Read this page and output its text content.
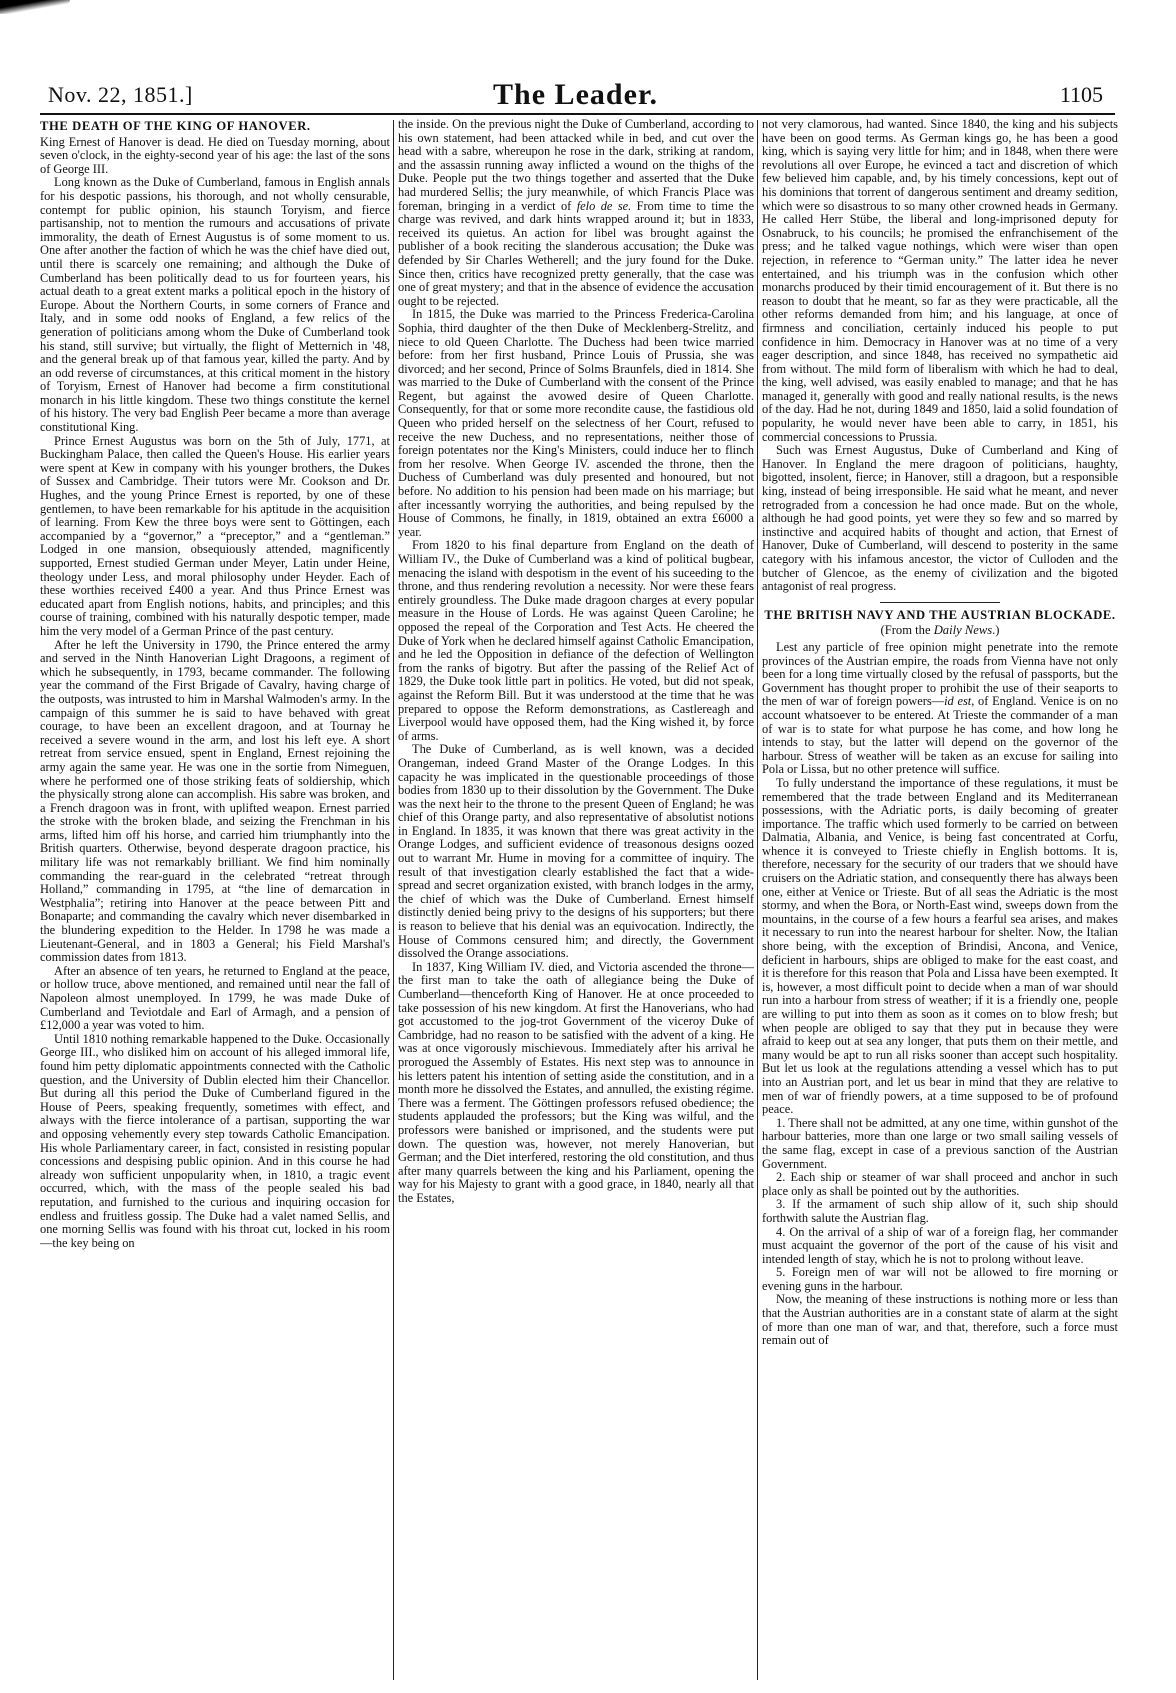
Nov. 22, 1851.]	The Leader.	1105
THE DEATH OF THE KING OF HANOVER.

King Ernest of Hanover is dead. He died on Tuesday morning, about seven o'clock, in the eighty-second year of his age: the last of the sons of George III.

Long known as the Duke of Cumberland, famous in English annals for his despotic passions, his thorough, and not wholly censurable, contempt for public opinion, his staunch Toryism, and fierce partisanship, not to mention the rumours and accusations of private immorality, the death of Ernest Augustus is of some moment to us. One after another the faction of which he was the chief have died out, until there is scarcely one remaining; and although the Duke of Cumberland has been politically dead to us for fourteen years, his actual death to a great extent marks a political epoch in the history of Europe. About the Northern Courts, in some corners of France and Italy, and in some odd nooks of England, a few relics of the generation of politicians among whom the Duke of Cumberland took his stand, still survive; but virtually, the flight of Metternich in '48, and the general break up of that famous year, killed the party. And by an odd reverse of circumstances, at this critical moment in the history of Toryism, Ernest of Hanover had become a firm constitutional monarch in his little kingdom. These two things constitute the kernel of his history. The very bad English Peer became a more than average constitutional King.

Prince Ernest Augustus was born on the 5th of July, 1771, at Buckingham Palace, then called the Queen's House. His earlier years were spent at Kew in company with his younger brothers, the Dukes of Sussex and Cambridge. Their tutors were Mr. Cookson and Dr. Hughes, and the young Prince Ernest is reported, by one of these gentlemen, to have been remarkable for his aptitude in the acquisition of learning. From Kew the three boys were sent to Göttingen, each accompanied by a “governor,” a “preceptor,” and a “gentleman.” Lodged in one mansion, obsequiously attended, magnificently supported, Ernest studied German under Meyer, Latin under Heine, theology under Less, and moral philosophy under Heyder. Each of these worthies received £400 a year. And thus Prince Ernest was educated apart from English notions, habits, and principles; and this course of training, combined with his naturally despotic temper, made him the very model of a German Prince of the past century.

After he left the University in 1790, the Prince entered the army and served in the Ninth Hanoverian Light Dragoons, a regiment of which he subsequently, in 1793, became commander. The following year the command of the First Brigade of Cavalry, having charge of the outposts, was intrusted to him in Marshal Walmoden's army. In the campaign of this summer he is said to have behaved with great courage, to have been an excellent dragoon, and at Tournay he received a severe wound in the arm, and lost his left eye. A short retreat from service ensued, spent in England, Ernest rejoining the army again the same year. He was one in the sortie from Nimeguen, where he performed one of those striking feats of soldiership, which the physically strong alone can accomplish. His sabre was broken, and a French dragoon was in front, with uplifted weapon. Ernest parried the stroke with the broken blade, and seizing the Frenchman in his arms, lifted him off his horse, and carried him triumphantly into the British quarters. Otherwise, beyond desperate dragoon practice, his military life was not remarkably brilliant. We find him nominally commanding the rear-guard in the celebrated “retreat through Holland,” commanding in 1795, at “the line of demarcation in Westphalia”; retiring into Hanover at the peace between Pitt and Bonaparte; and commanding the cavalry which never disembarked in the blundering expedition to the Helder. In 1798 he was made a Lieutenant-General, and in 1803 a General; his Field Marshal's commission dates from 1813.

After an absence of ten years, he returned to England at the peace, or hollow truce, above mentioned, and remained until near the fall of Napoleon almost unemployed. In 1799, he was made Duke of Cumberland and Teviotdale and Earl of Armagh, and a pension of £12,000 a year was voted to him.

Until 1810 nothing remarkable happened to the Duke. Occasionally George III., who disliked him on account of his alleged immoral life, found him petty diplomatic appointments connected with the Catholic question, and the University of Dublin elected him their Chancellor. But during all this period the Duke of Cumberland figured in the House of Peers, speaking frequently, sometimes with effect, and always with the fierce intolerance of a partisan, supporting the war and opposing vehemently every step towards Catholic Emancipation. His whole Parliamentary career, in fact, consisted in resisting popular concessions and despising public opinion. And in this course he had already won sufficient unpopularity when, in 1810, a tragic event occurred, which, with the mass of the people sealed his bad reputation, and furnished to the curious and inquiring occasion for endless and fruitless gossip. The Duke had a valet named Sellis, and one morning Sellis was found with his throat cut, locked in his room—the key being on

the inside. On the previous night the Duke of Cumberland, according to his own statement, had been attacked while in bed, and cut over the head with a sabre, whereupon he rose in the dark, striking at random, and the assassin running away inflicted a wound on the thighs of the Duke. People put the two things together and asserted that the Duke had murdered Sellis; the jury meanwhile, of which Francis Place was foreman, bringing in a verdict of felo de se. From time to time the charge was revived, and dark hints wrapped around it; but in 1833, received its quietus. An action for libel was brought against the publisher of a book reciting the slanderous accusation; the Duke was defended by Sir Charles Wetherell; and the jury found for the Duke. Since then, critics have recognized pretty generally, that the case was one of great mystery; and that in the absence of evidence the accusation ought to be rejected.

In 1815, the Duke was married to the Princess Frederica-Carolina Sophia, third daughter of the then Duke of Mecklenberg-Strelitz, and niece to old Queen Charlotte. The Duchess had been twice married before: from her first husband, Prince Louis of Prussia, she was divorced; and her second, Prince of Solms Braunfels, died in 1814. She was married to the Duke of Cumberland with the consent of the Prince Regent, but against the avowed desire of Queen Charlotte. Consequently, for that or some more recondite cause, the fastidious old Queen who prided herself on the selectness of her Court, refused to receive the new Duchess, and no representations, neither those of foreign potentates nor the King's Ministers, could induce her to flinch from her resolve. When George IV. ascended the throne, then the Duchess of Cumberland was duly presented and honoured, but not before. No addition to his pension had been made on his marriage; but after incessantly worrying the authorities, and being repulsed by the House of Commons, he finally, in 1819, obtained an extra £6000 a year.

From 1820 to his final departure from England on the death of William IV., the Duke of Cumberland was a kind of political bugbear, menacing the island with despotism in the event of his suceeding to the throne, and thus rendering revolution a necessity. Nor were these fears entirely groundless. The Duke made dragoon charges at every popular measure in the House of Lords. He was against Queen Caroline; he opposed the repeal of the Corporation and Test Acts. He cheered the Duke of York when he declared himself against Catholic Emancipation, and he led the Opposition in defiance of the defection of Wellington from the ranks of bigotry. But after the passing of the Relief Act of 1829, the Duke took little part in politics. He voted, but did not speak, against the Reform Bill. But it was understood at the time that he was prepared to oppose the Reform demonstrations, as Castlereagh and Liverpool would have opposed them, had the King wished it, by force of arms.

The Duke of Cumberland, as is well known, was a decided Orangeman, indeed Grand Master of the Orange Lodges. In this capacity he was implicated in the questionable proceedings of those bodies from 1830 up to their dissolution by the Government. The Duke was the next heir to the throne to the present Queen of England; he was chief of this Orange party, and also representative of absolutist notions in England. In 1835, it was known that there was great activity in the Orange Lodges, and sufficient evidence of treasonous designs oozed out to warrant Mr. Hume in moving for a committee of inquiry. The result of that investigation clearly established the fact that a wide-spread and secret organization existed, with branch lodges in the army, the chief of which was the Duke of Cumberland. Ernest himself distinctly denied being privy to the designs of his supporters; but there is reason to believe that his denial was an equivocation. Indirectly, the House of Commons censured him; and directly, the Government dissolved the Orange associations.

In 1837, King William IV. died, and Victoria ascended the throne—the first man to take the oath of allegiance being the Duke of Cumberland—thenceforth King of Hanover. He at once proceeded to take possession of his new kingdom. At first the Hanoverians, who had got accustomed to the jog-trot Government of the viceroy Duke of Cambridge, had no reason to be satisfied with the advent of a king. He was at once vigorously mischievous. Immediately after his arrival he prorogued the Assembly of Estates. His next step was to announce in his letters patent his intention of setting aside the constitution, and in a month more he dissolved the Estates, and annulled, the existing régime. There was a ferment. The Göttingen professors refused obedience; the students applauded the professors; but the King was wilful, and the professors were banished or imprisoned, and the students were put down. The question was, however, not merely Hanoverian, but German; and the Diet interfered, restoring the old constitution, and thus after many quarrels between the king and his Parliament, opening the way for his Majesty to grant with a good grace, in 1840, nearly all that the Estates,

not very clamorous, had wanted. Since 1840, the king and his subjects have been on good terms. As German kings go, he has been a good king, which is saying very little for him; and in 1848, when there were revolutions all over Europe, he evinced a tact and discretion of which few believed him capable, and, by his timely concessions, kept out of his dominions that torrent of dangerous sentiment and dreamy sedition, which were so disastrous to so many other crowned heads in Germany. He called Herr Stübe, the liberal and long-imprisoned deputy for Osnabruck, to his councils; he promised the enfranchisement of the press; and he talked vague nothings, which were wiser than open rejection, in reference to “German unity.” The latter idea he never entertained, and his triumph was in the confusion which other monarchs produced by their timid encouragement of it. But there is no reason to doubt that he meant, so far as they were practicable, all the other reforms demanded from him; and his language, at once of firmness and conciliation, certainly induced his people to put confidence in him. Democracy in Hanover was at no time of a very eager description, and since 1848, has received no sympathetic aid from without. The mild form of liberalism with which he had to deal, the king, well advised, was easily enabled to manage; and that he has managed it, generally with good and really national results, is the news of the day. Had he not, during 1849 and 1850, laid a solid foundation of popularity, he would never have been able to carry, in 1851, his commercial concessions to Prussia.

Such was Ernest Augustus, Duke of Cumberland and King of Hanover. In England the mere dragoon of politicians, haughty, bigotted, insolent, fierce; in Hanover, still a dragoon, but a responsible king, instead of being irresponsible. He said what he meant, and never retrograded from a concession he had once made. But on the whole, although he had good points, yet were they so few and so marred by instinctive and acquired habits of thought and action, that Ernest of Hanover, Duke of Cumberland, will descend to posterity in the same category with his infamous ancestor, the victor of Culloden and the butcher of Glencoe, as the enemy of civilization and the bigoted antagonist of real progress.

THE BRITISH NAVY AND THE AUSTRIAN BLOCKADE.
(From the Daily News.)

Lest any particle of free opinion might penetrate into the remote provinces of the Austrian empire, the roads from Vienna have not only been for a long time virtually closed by the refusal of passports, but the Government has thought proper to prohibit the use of their seaports to the men of war of foreign powers—id est, of England. Venice is on no account whatsoever to be entered. At Trieste the commander of a man of war is to state for what purpose he has come, and how long he intends to stay, but the latter will depend on the governor of the harbour. Stress of weather will be taken as an excuse for sailing into Pola or Lissa, but no other pretence will suffice.

To fully understand the importance of these regulations, it must be remembered that the trade between England and its Mediterranean possessions, with the Adriatic ports, is daily becoming of greater importance. The traffic which used formerly to be carried on between Dalmatia, Albania, and Venice, is being fast concentrated at Corfu, whence it is conveyed to Trieste chiefly in English bottoms. It is, therefore, necessary for the security of our traders that we should have cruisers on the Adriatic station, and consequently there has always been one, either at Venice or Trieste. But of all seas the Adriatic is the most stormy, and when the Bora, or North-East wind, sweeps down from the mountains, in the course of a few hours a fearful sea arises, and makes it necessary to run into the nearest harbour for shelter. Now, the Italian shore being, with the exception of Brindisi, Ancona, and Venice, deficient in harbours, ships are obliged to make for the east coast, and it is therefore for this reason that Pola and Lissa have been exempted. It is, however, a most difficult point to decide when a man of war should run into a harbour from stress of weather; if it is a friendly one, people are willing to put into them as soon as it comes on to blow fresh; but when people are obliged to say that they put in because they were afraid to keep out at sea any longer, that puts them on their mettle, and many would be apt to run all risks sooner than accept such hospitality. But let us look at the regulations attending a vessel which has to put into an Austrian port, and let us bear in mind that they are relative to men of war of friendly powers, at a time supposed to be of profound peace.

1. There shall not be admitted, at any one time, within gunshot of the harbour batteries, more than one large or two small sailing vessels of the same flag, except in case of a previous sanction of the Austrian Government.

2. Each ship or steamer of war shall proceed and anchor in such place only as shall be pointed out by the authorities.

3. If the armament of such ship allow of it, such ship should forthwith salute the Austrian flag.

4. On the arrival of a ship of war of a foreign flag, her commander must acquaint the governor of the port of the cause of his visit and intended length of stay, which he is not to prolong without leave.

5. Foreign men of war will not be allowed to fire morning or evening guns in the harbour.

Now, the meaning of these instructions is nothing more or less than that the Austrian authorities are in a constant state of alarm at the sight of more than one man of war, and that, therefore, such a force must remain out of
